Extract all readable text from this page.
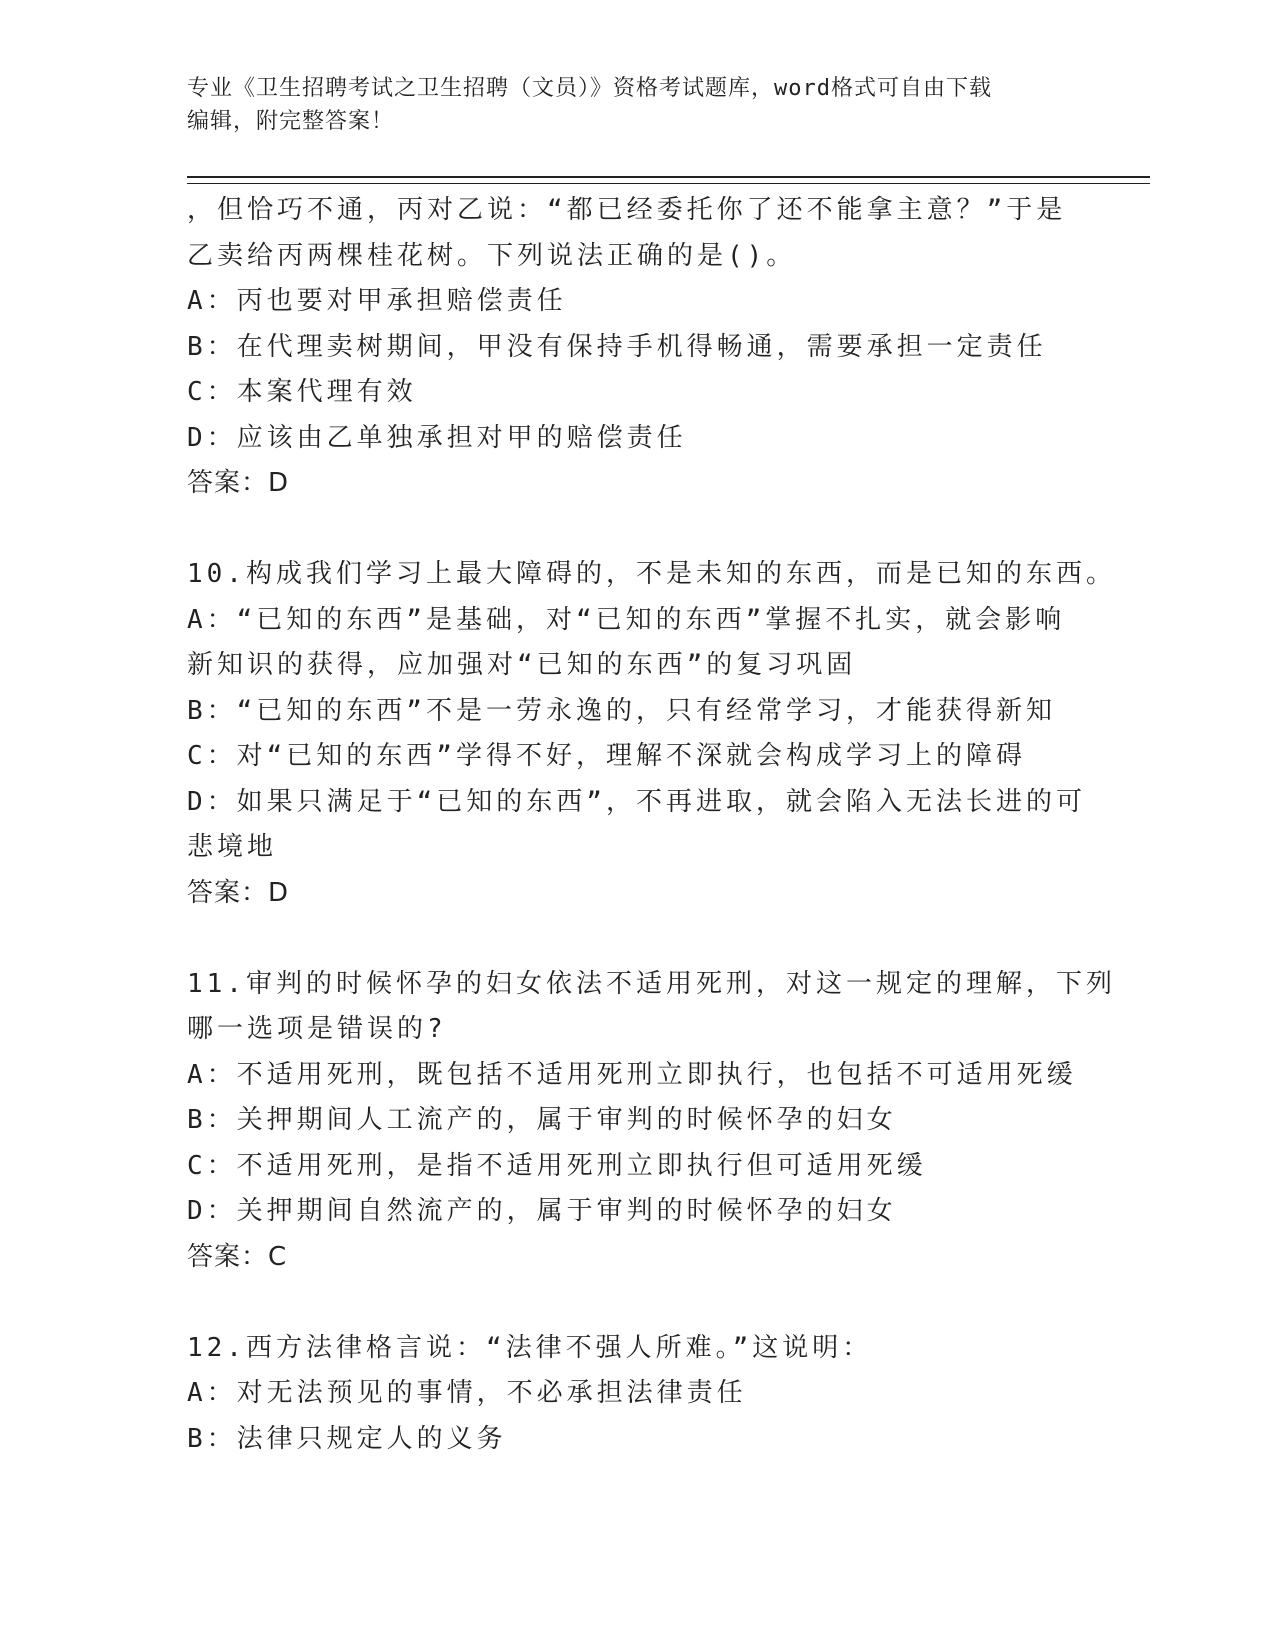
专业《卫生招聘考试之卫生招聘（文员）》资格考试题库，word格式可自由下载
编辑，附完整答案！
，但恰巧不通，丙对乙说：“都已经委托你了还不能拿主意？”于是
乙卖给丙两棵桂花树。下列说法正确的是()。
A：丙也要对甲承担赔偿责任
B：在代理卖树期间，甲没有保持手机得畅通，需要承担一定责任
C：本案代理有效
D：应该由乙单独承担对甲的赔偿责任
答案：D
10.构成我们学习上最大障碍的，不是未知的东西，而是已知的东西。
A：“已知的东西”是基础，对“已知的东西”掌握不扎实，就会影响
新知识的获得，应加强对“已知的东西”的复习巩固
B：“已知的东西”不是一劳永逸的，只有经常学习，才能获得新知
C：对“已知的东西”学得不好，理解不深就会构成学习上的障碍
D：如果只满足于“已知的东西”，不再进取，就会陷入无法长进的可
悲境地
答案：D
11.审判的时候怀孕的妇女依法不适用死刑，对这一规定的理解，下列
哪一选项是错误的?
A：不适用死刑，既包括不适用死刑立即执行，也包括不可适用死缓
B：关押期间人工流产的，属于审判的时候怀孕的妇女
C：不适用死刑，是指不适用死刑立即执行但可适用死缓
D：关押期间自然流产的，属于审判的时候怀孕的妇女
答案：C
12.西方法律格言说：“法律不强人所难。”这说明：
A：对无法预见的事情，不必承担法律责任
B：法律只规定人的义务
